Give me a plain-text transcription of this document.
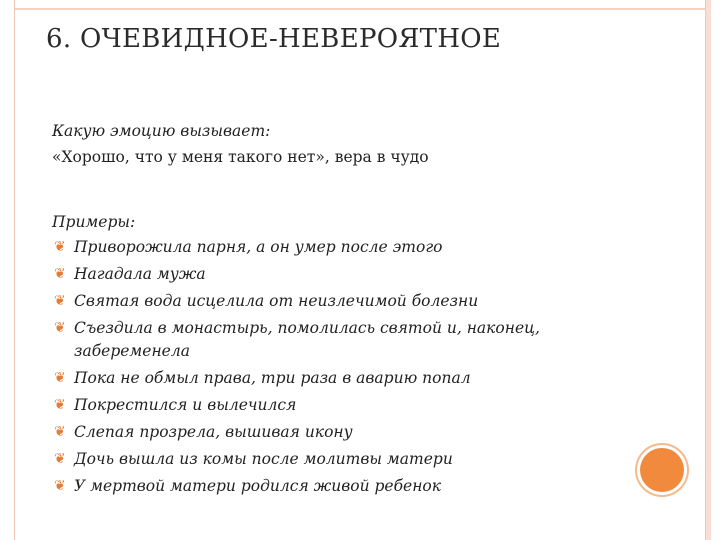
6. ОЧЕВИДНОЕ-НЕВЕРОЯТНОЕ
Какую эмоцию вызывает:
«Хорошо, что у меня такого нет», вера в чудо
Примеры:
❦ Приворожила парня, а он умер после этого
❦ Нагадала мужа
❦ Святая вода исцелила от неизлечимой болезни
❦ Съездила в монастырь, помолилась святой и, наконец, забеременела
❦ Пока не обмыл права, три раза в аварию попал
❦ Покрестился и вылечился
❦ Слепая прозрела, вышивая икону
❦ Дочь вышла из комы после молитвы матери
❦ У мертвой матери родился живой ребенок
